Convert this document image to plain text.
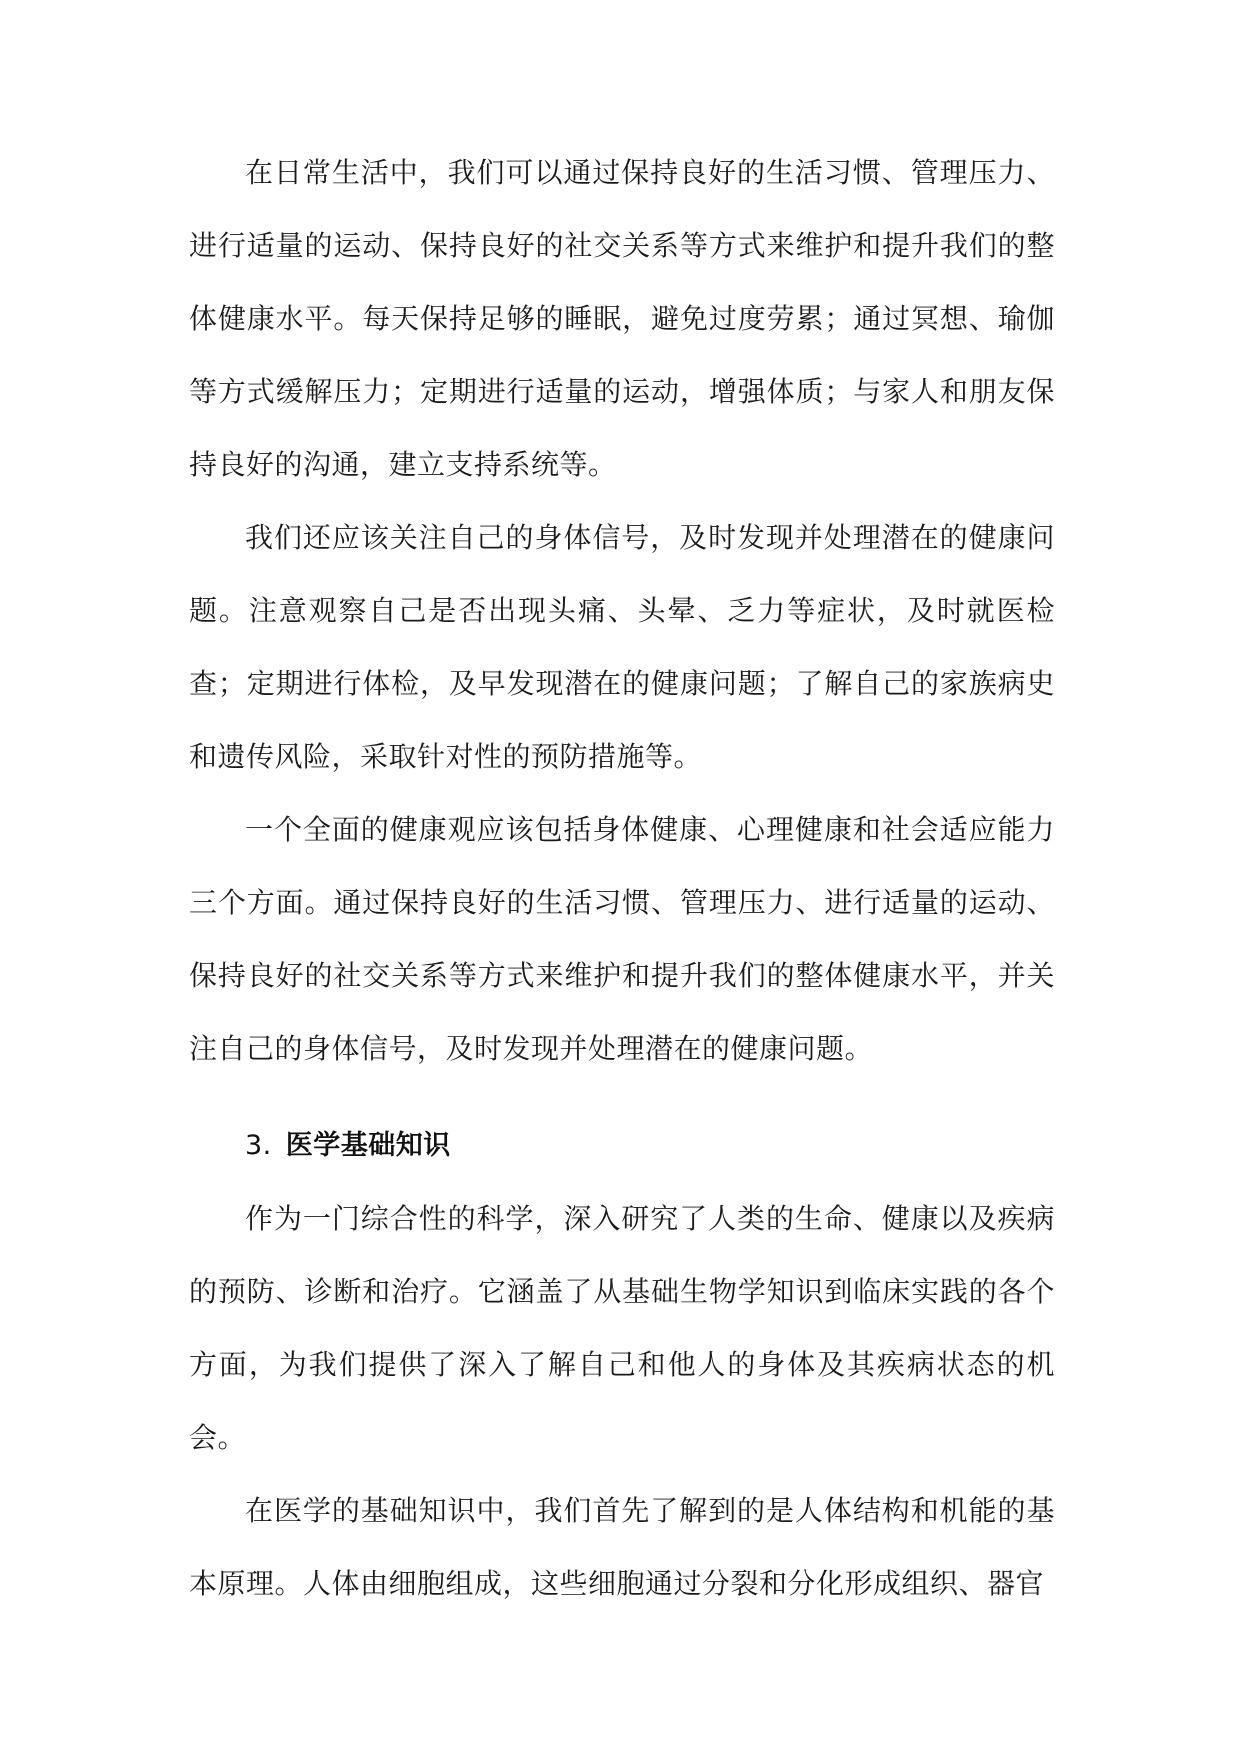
在日常生活中，我们可以通过保持良好的生活习惯、管理压力、进行适量的运动、保持良好的社交关系等方式来维护和提升我们的整体健康水平。每天保持足够的睡眠，避免过度劳累；通过冥想、瑜伽等方式缓解压力；定期进行适量的运动，增强体质；与家人和朋友保持良好的沟通，建立支持系统等。

我们还应该关注自己的身体信号，及时发现并处理潜在的健康问题。注意观察自己是否出现头痛、头晕、乏力等症状，及时就医检查；定期进行体检，及早发现潜在的健康问题；了解自己的家族病史和遗传风险，采取针对性的预防措施等。

一个全面的健康观应该包括身体健康、心理健康和社会适应能力三个方面。通过保持良好的生活习惯、管理压力、进行适量的运动、保持良好的社交关系等方式来维护和提升我们的整体健康水平，并关注自己的身体信号，及时发现并处理潜在的健康问题。

3. 医学基础知识

作为一门综合性的科学，深入研究了人类的生命、健康以及疾病的预防、诊断和治疗。它涵盖了从基础生物学知识到临床实践的各个方面，为我们提供了深入了解自己和他人的身体及其疾病状态的机会。

在医学的基础知识中，我们首先了解到的是人体结构和机能的基本原理。人体由细胞组成，这些细胞通过分裂和分化形成组织、器官
